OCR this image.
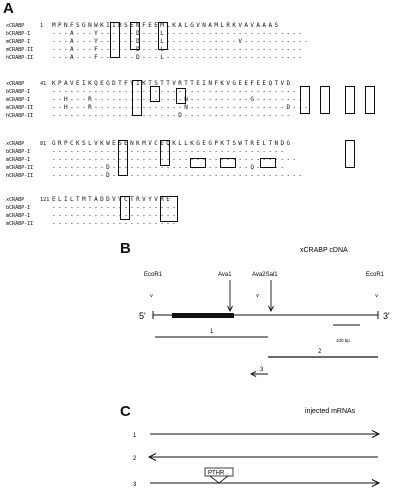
A
B
C
xCRABP	1 MPNFSGNWKIIRSENFEEMLKALGVNAMLRKVAVAAAS
bCRABP-I	---A---Y------D---L-----------------------
mCRABP-I	---A---Y------D---L------------V-----------
mCRABP-II	---A---F------D---L-----------------------
hCRABP-II	---A---F------D---L-----------------------
xCRABP	41 KPAVEIKQEGDTFYIKTSTTVRTTEINFKVGEEFEEQTVD
bCRABP-I	-----------------------------------------
mCRABP-I	--H---R---------------N----------G--------
mCRABP-II	--H---R---------------N----------------D---
hCRABP-II	---------------------D------------------
xCRABP	81 GRPCKSLVKWESENKMVCEQKLLKGEGPKTSWTRELTNDG
bCRABP-I	---------------------------------------
mCRABP-I	-----------------------------------------
mCRABP-II	---------D-----------------------Q-----
hCRABP-II	---------D--------------------------------
xCRABP	121 ELILTMTADDVVCTRVYVRE
bCRABP-I	---------------------
mCRABP-I	---------------------
mCRABP-II	---------------------
xCRABP cDNA
EcoR1	Ava1	Ava2Sal1	EcoR1
v	v	v
5'	3'
100 bp
1
2
3
injected mRNAs
1
2
3
PTHR
